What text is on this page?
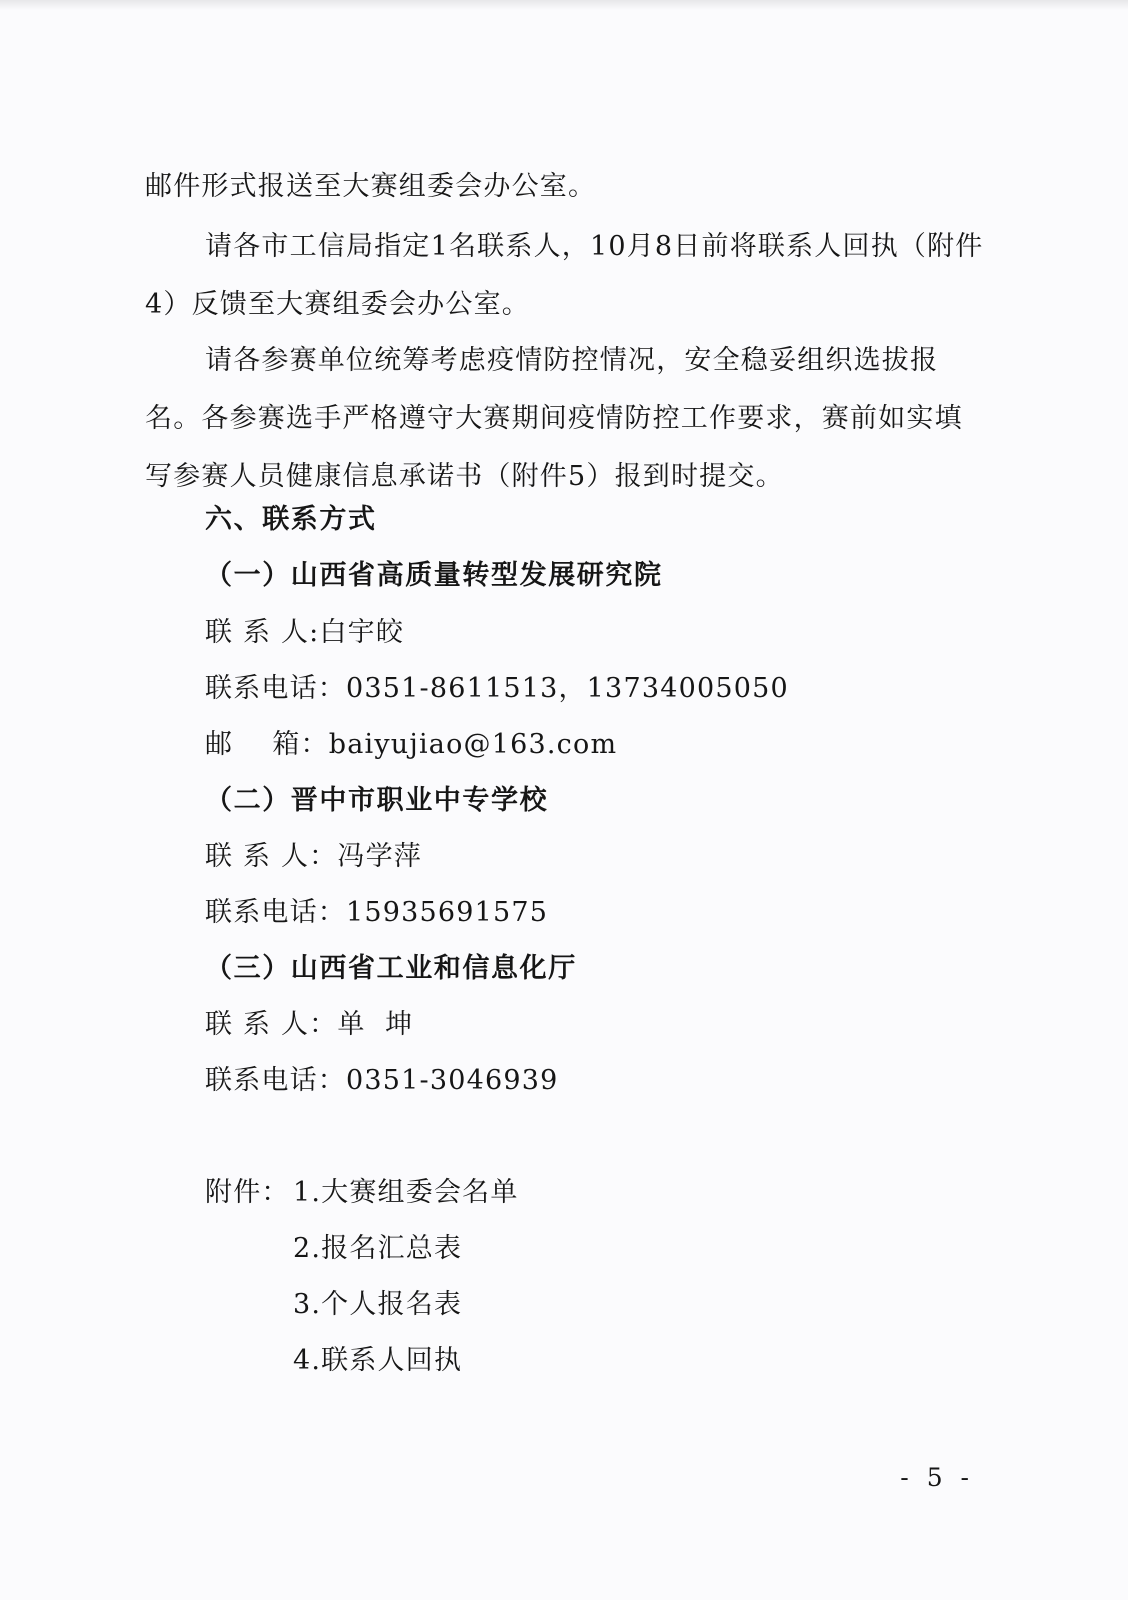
邮件形式报送至大赛组委会办公室。
请各市工信局指定1名联系人，10月8日前将联系人回执（附件4）反馈至大赛组委会办公室。
请各参赛单位统筹考虑疫情防控情况，安全稳妥组织选拔报名。各参赛选手严格遵守大赛期间疫情防控工作要求，赛前如实填写参赛人员健康信息承诺书（附件5）报到时提交。
六、联系方式
（一）山西省高质量转型发展研究院
联 系 人:白宇皎
联系电话：0351-8611513，13734005050
邮    箱：baiyujiao@163.com
（二）晋中市职业中专学校
联 系 人：冯学萍
联系电话：15935691575
（三）山西省工业和信息化厅
联 系 人：单  坤
联系电话：0351-3046939
附件： 1.大赛组委会名单
2.报名汇总表
3.个人报名表
4.联系人回执
- 5 -
